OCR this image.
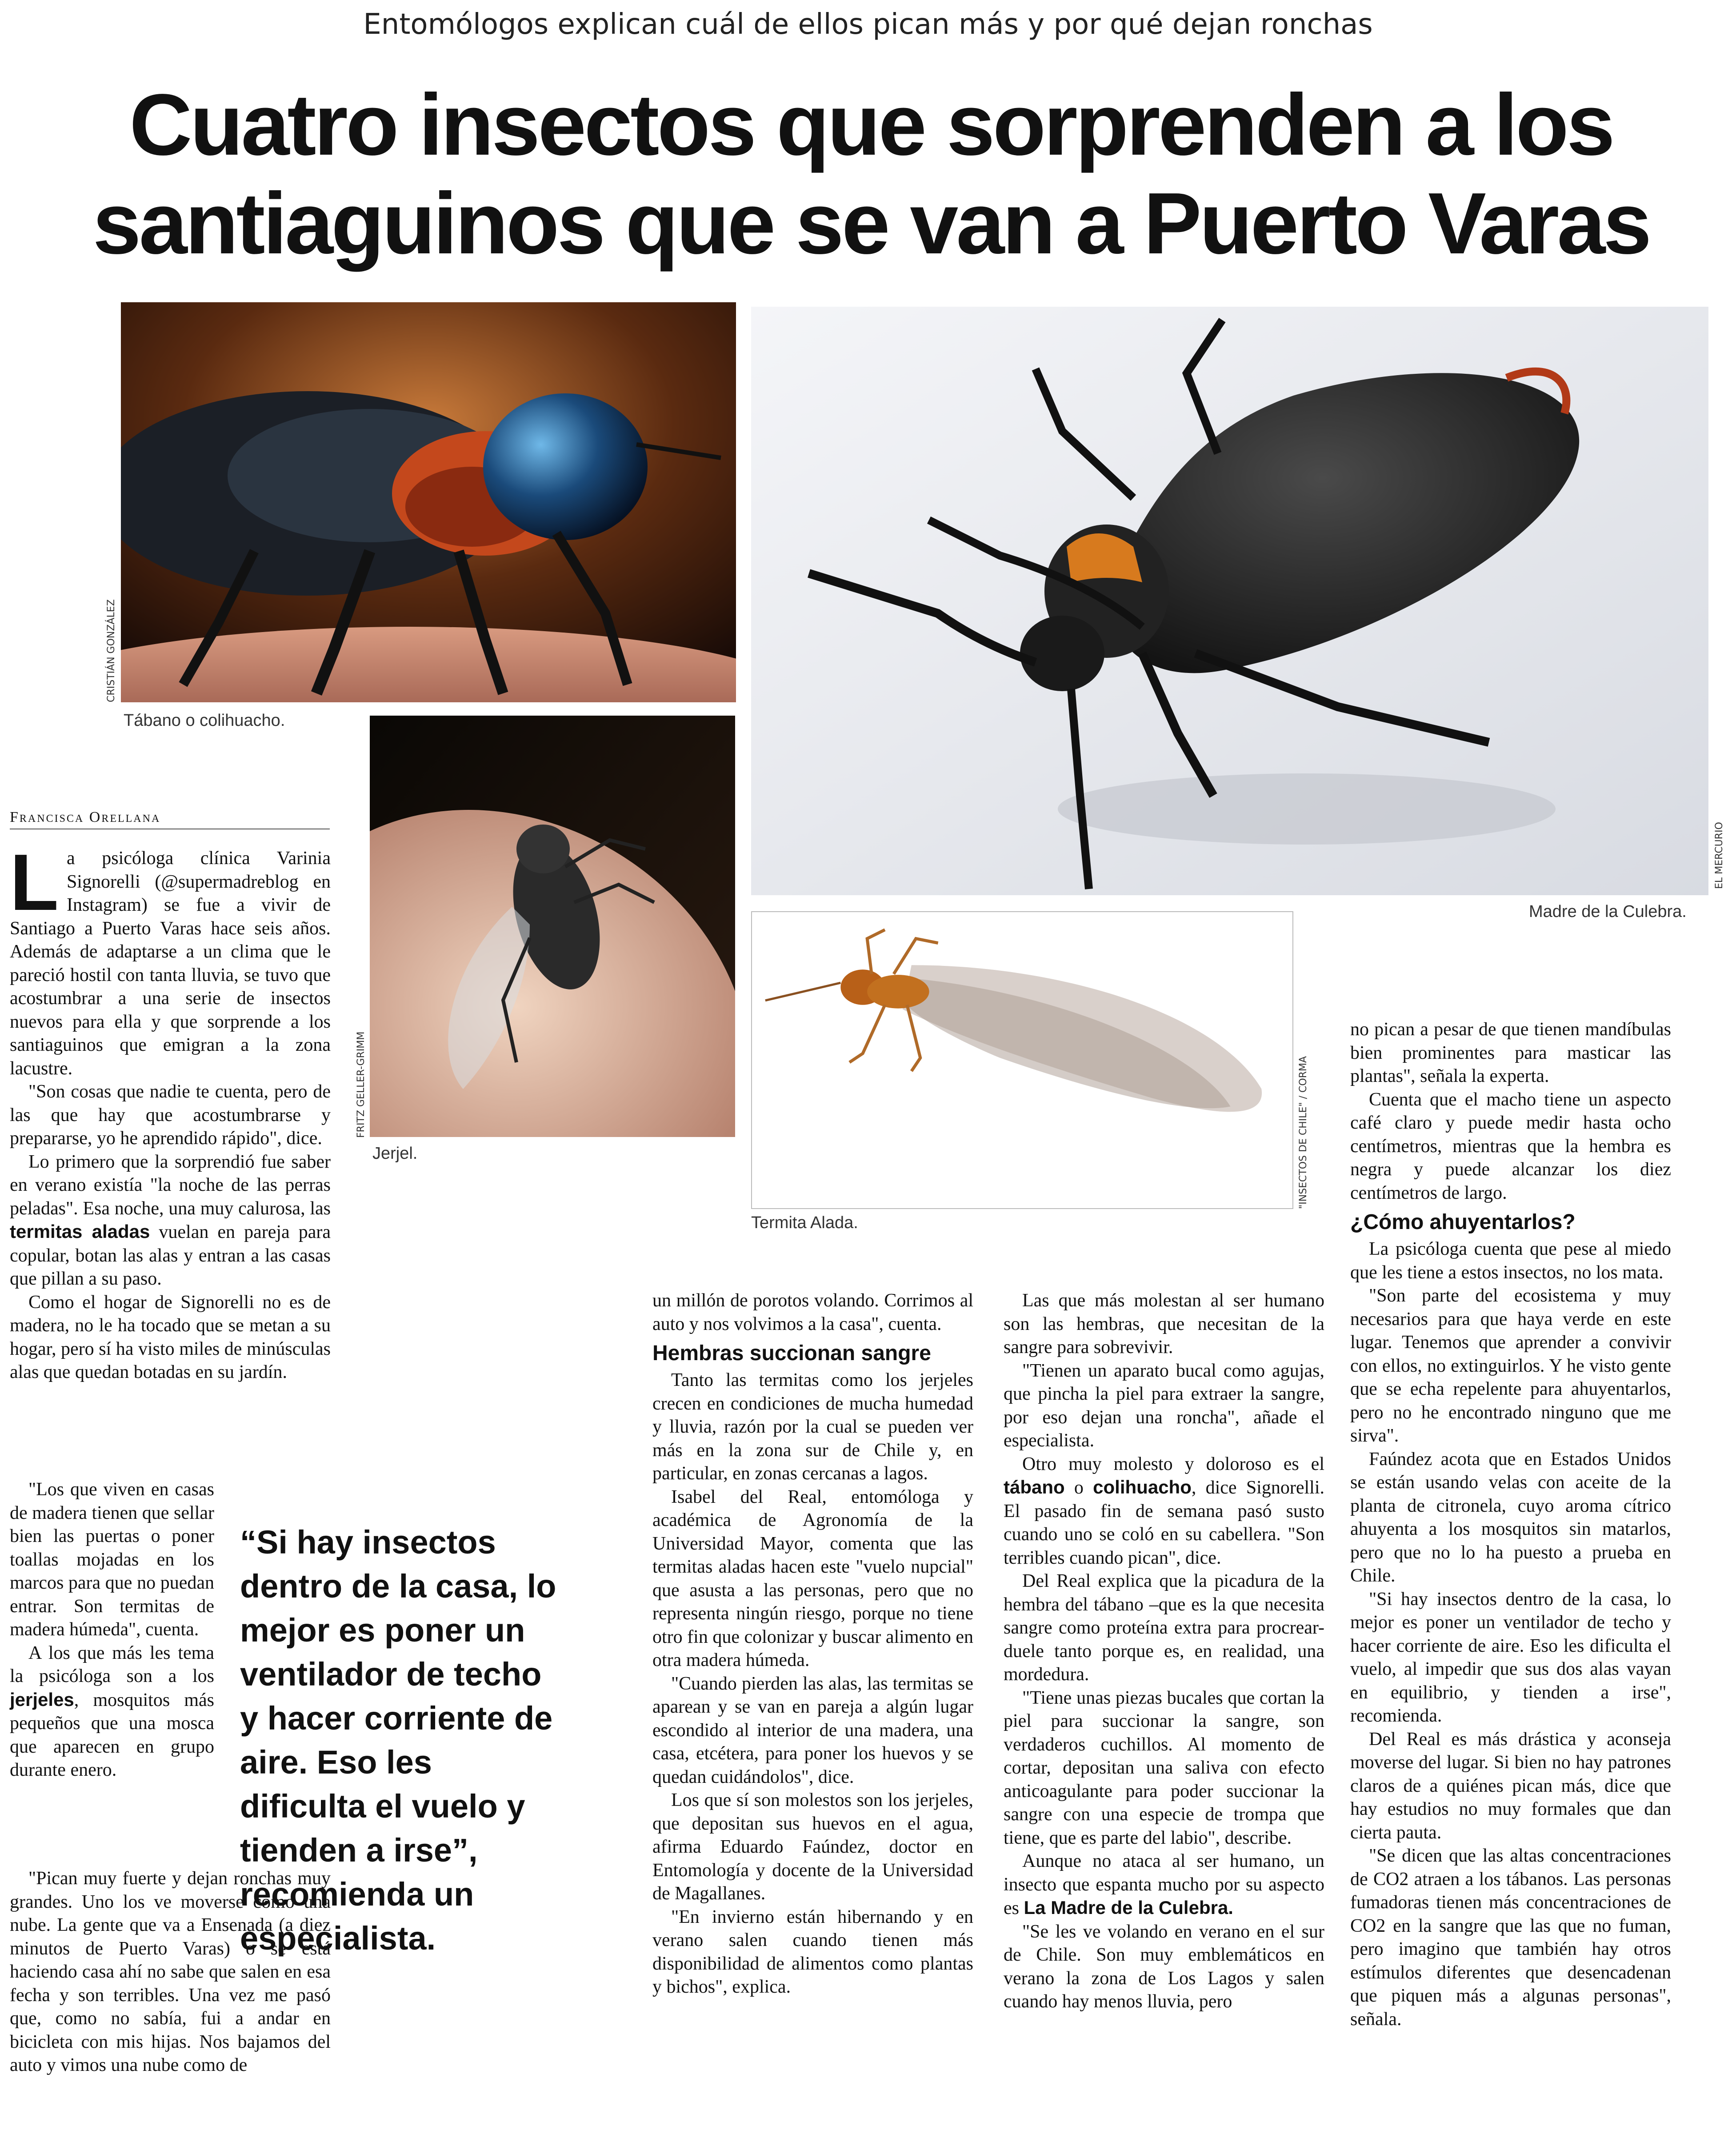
Entomólogos explican cuál de ellos pican más y por qué dejan ronchas
Cuatro insectos que sorprenden a los
santiaguinos que se van a Puerto Varas
CRISTIÁN GONZÁLEZ
Tábano o colihuacho.
EL MERCURIO
Madre de la Culebra.
FRITZ GELLER-GRIMM
Jerjel.	"INSECTOS DE CHILE" / CORMA
Termita Alada.
Francisca Orellana

La psicóloga clínica Varinia Signorelli (@supermadreblog en Instagram) se fue a vivir de Santiago a Puerto Varas hace seis años. Además de adaptarse a un clima que le pareció hostil con tanta lluvia, se tuvo que acostumbrar a una serie de insectos nuevos para ella y que sorprende a los santiaguinos que emigran a la zona lacustre.

"Son cosas que nadie te cuenta, pero de las que hay que acostumbrarse y prepararse, yo he aprendido rápido", dice.

Lo primero que la sorprendió fue saber en verano existía "la noche de las perras peladas". Esa noche, una muy calurosa, las termitas aladas vuelan en pareja para copular, botan las alas y entran a las casas que pillan a su paso.

Como el hogar de Signorelli no es de madera, no le ha tocado que se metan a su hogar, pero sí ha visto miles de minúsculas alas que quedan botadas en su jardín.

"Los que viven en casas de madera tienen que sellar bien las puertas o poner toallas mojadas en los marcos para que no puedan entrar. Son termitas de madera húmeda", cuenta.

A los que más les tema la psicóloga son a los jerjeles, mosquitos más pequeños que una mosca que aparecen en grupo durante enero.

"Pican muy fuerte y dejan ronchas muy grandes. Uno los ve moverse como una nube. La gente que va a Ensenada (a diez minutos de Puerto Varas) o se está haciendo casa ahí no sabe que salen en esa fecha y son terribles. Una vez me pasó que, como no sabía, fui a andar en bicicleta con mis hijas. Nos bajamos del auto y vimos una nube como de

“Si hay insectos dentro de la casa, lo mejor es poner un ventilador de techo y hacer corriente de aire. Eso les dificulta el vuelo y tienden a irse”, recomienda un especialista.

un millón de porotos volando. Corrimos al auto y nos volvimos a la casa", cuenta.

Hembras succionan sangre

Tanto las termitas como los jerjeles crecen en condiciones de mucha humedad y lluvia, razón por la cual se pueden ver más en la zona sur de Chile y, en particular, en zonas cercanas a lagos.

Isabel del Real, entomóloga y académica de Agronomía de la Universidad Mayor, comenta que las termitas aladas hacen este "vuelo nupcial" que asusta a las personas, pero que no representa ningún riesgo, porque no tiene otro fin que colonizar y buscar alimento en otra madera húmeda.

"Cuando pierden las alas, las termitas se aparean y se van en pareja a algún lugar escondido al interior de una madera, una casa, etcétera, para poner los huevos y se quedan cuidándolos", dice.

Los que sí son molestos son los jerjeles, que depositan sus huevos en el agua, afirma Eduardo Faúndez, doctor en Entomología y docente de la Universidad de Magallanes.

"En invierno están hibernando y en verano salen cuando tienen más disponibilidad de alimentos como plantas y bichos", explica.

Las que más molestan al ser humano son las hembras, que necesitan de la sangre para sobrevivir.

"Tienen un aparato bucal como agujas, que pincha la piel para extraer la sangre, por eso dejan una roncha", añade el especialista.

Otro muy molesto y doloroso es el tábano o colihuacho, dice Signorelli. El pasado fin de semana pasó susto cuando uno se coló en su cabellera. "Son terribles cuando pican", dice.

Del Real explica que la picadura de la hembra del tábano –que es la que necesita sangre como proteína extra para procrear- duele tanto porque es, en realidad, una mordedura.

"Tiene unas piezas bucales que cortan la piel para succionar la sangre, son verdaderos cuchillos. Al momento de cortar, depositan una saliva con efecto anticoagulante para poder succionar la sangre con una especie de trompa que tiene, que es parte del labio", describe.

Aunque no ataca al ser humano, un insecto que espanta mucho por su aspecto es La Madre de la Culebra.

"Se les ve volando en verano en el sur de Chile. Son muy emblemáticos en verano la zona de Los Lagos y salen cuando hay menos lluvia, pero

no pican a pesar de que tienen mandíbulas bien prominentes para masticar las plantas", señala la experta.

Cuenta que el macho tiene un aspecto café claro y puede medir hasta ocho centímetros, mientras que la hembra es negra y puede alcanzar los diez centímetros de largo.

¿Cómo ahuyentarlos?

La psicóloga cuenta que pese al miedo que les tiene a estos insectos, no los mata.

"Son parte del ecosistema y muy necesarios para que haya verde en este lugar. Tenemos que aprender a convivir con ellos, no extinguirlos. Y he visto gente que se echa repelente para ahuyentarlos, pero no he encontrado ninguno que me sirva".

Faúndez acota que en Estados Unidos se están usando velas con aceite de la planta de citronela, cuyo aroma cítrico ahuyenta a los mosquitos sin matarlos, pero que no lo ha puesto a prueba en Chile.

"Si hay insectos dentro de la casa, lo mejor es poner un ventilador de techo y hacer corriente de aire. Eso les dificulta el vuelo, al impedir que sus dos alas vayan en equilibrio, y tienden a irse", recomienda.

Del Real es más drástica y aconseja moverse del lugar. Si bien no hay patrones claros de a quiénes pican más, dice que hay estudios no muy formales que dan cierta pauta.

"Se dicen que las altas concentraciones de CO2 atraen a los tábanos. Las personas fumadoras tienen más concentraciones de CO2 en la sangre que las que no fuman, pero imagino que también hay otros estímulos diferentes que desencadenan que piquen más a algunas personas", señala.
